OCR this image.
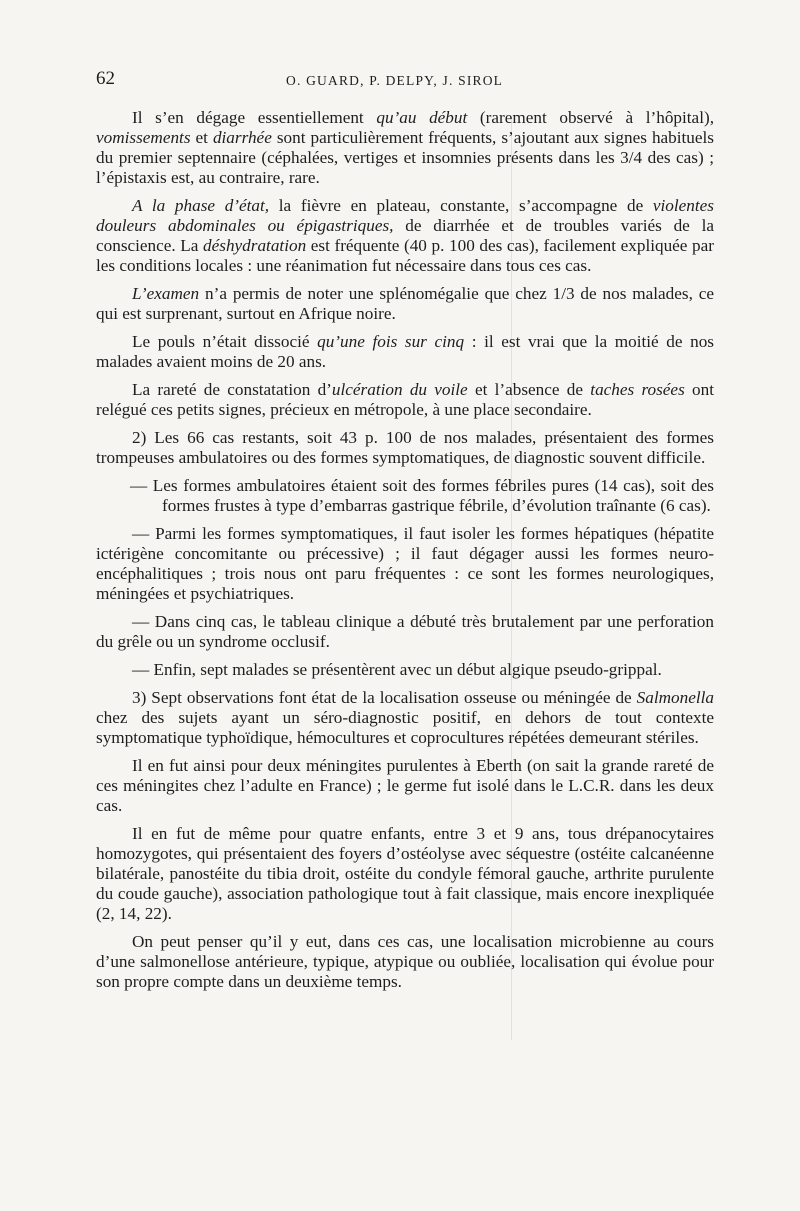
62	O. GUARD, P. DELPY, J. SIROL

Il s’en dégage essentiellement qu’au début (rarement observé à l’hôpital), vomissements et diarrhée sont particulièrement fréquents, s’ajoutant aux signes habituels du premier septennaire (céphalées, vertiges et insomnies présents dans les 3/4 des cas) ; l’épistaxis est, au contraire, rare.

A la phase d’état, la fièvre en plateau, constante, s’accompagne de violentes douleurs abdominales ou épigastriques, de diarrhée et de troubles variés de la conscience. La déshydratation est fréquente (40 p. 100 des cas), facilement expliquée par les conditions locales : une réanimation fut nécessaire dans tous ces cas.

L’examen n’a permis de noter une splénomégalie que chez 1/3 de nos malades, ce qui est surprenant, surtout en Afrique noire.

Le pouls n’était dissocié qu’une fois sur cinq : il est vrai que la moitié de nos malades avaient moins de 20 ans.

La rareté de constatation d’ulcération du voile et l’absence de taches rosées ont relégué ces petits signes, précieux en métropole, à une place secondaire.

2) Les 66 cas restants, soit 43 p. 100 de nos malades, présentaient des formes trompeuses ambulatoires ou des formes symptomatiques, de diagnostic souvent difficile.

— Les formes ambulatoires étaient soit des formes fébriles pures (14 cas), soit des formes frustes à type d’embarras gastrique fébrile, d’évolution traînante (6 cas).

— Parmi les formes symptomatiques, il faut isoler les formes hépatiques (hépatite ictérigène concomitante ou précessive) ; il faut dégager aussi les formes neuro-encéphalitiques ; trois nous ont paru fréquentes : ce sont les formes neurologiques, méningées et psychiatriques.

— Dans cinq cas, le tableau clinique a débuté très brutalement par une perforation du grêle ou un syndrome occlusif.

— Enfin, sept malades se présentèrent avec un début algique pseudo-grippal.

3) Sept observations font état de la localisation osseuse ou méningée de Salmonella chez des sujets ayant un séro-diagnostic positif, en dehors de tout contexte symptomatique typhoïdique, hémocultures et coprocultures répétées demeurant stériles.

Il en fut ainsi pour deux méningites purulentes à Eberth (on sait la grande rareté de ces méningites chez l’adulte en France) ; le germe fut isolé dans le L.C.R. dans les deux cas.

Il en fut de même pour quatre enfants, entre 3 et 9 ans, tous drépanocytaires homozygotes, qui présentaient des foyers d’ostéolyse avec séquestre (ostéite calcanéenne bilatérale, panostéite du tibia droit, ostéite du condyle fémoral gauche, arthrite purulente du coude gauche), association pathologique tout à fait classique, mais encore inexpliquée (2, 14, 22).

On peut penser qu’il y eut, dans ces cas, une localisation microbienne au cours d’une salmonellose antérieure, typique, atypique ou oubliée, localisation qui évolue pour son propre compte dans un deuxième temps.
